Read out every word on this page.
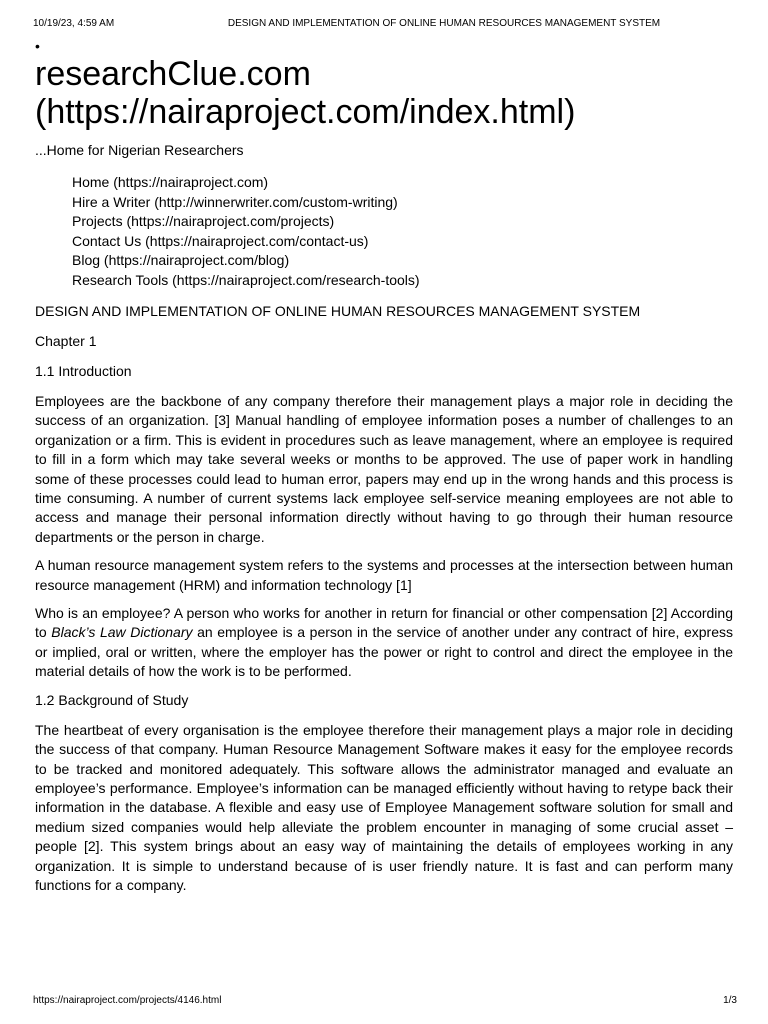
10/19/23, 4:59 AM	DESIGN AND IMPLEMENTATION OF ONLINE HUMAN RESOURCES MANAGEMENT SYSTEM
•
researchClue.com
(https://nairaproject.com/index.html)
...Home for Nigerian Researchers
Home (https://nairaproject.com)
Hire a Writer (http://winnerwriter.com/custom-writing)
Projects (https://nairaproject.com/projects)
Contact Us (https://nairaproject.com/contact-us)
Blog (https://nairaproject.com/blog)
Research Tools (https://nairaproject.com/research-tools)
DESIGN AND IMPLEMENTATION OF ONLINE HUMAN RESOURCES MANAGEMENT SYSTEM
Chapter 1
1.1 Introduction

Employees are the backbone of any company therefore their management plays a major role in deciding the success of an organization. [3] Manual handling of employee information poses a number of challenges to an organization or a firm. This is evident in procedures such as leave management, where an employee is required to fill in a form which may take several weeks or months to be approved. The use of paper work in handling some of these processes could lead to human error, papers may end up in the wrong hands and this process is time consuming. A number of current systems lack employee self-service meaning employees are not able to access and manage their personal information directly without having to go through their human resource departments or the person in charge.

A human resource management system refers to the systems and processes at the intersection between human resource management (HRM) and information technology [1]

Who is an employee? A person who works for another in return for financial or other compensation [2] According to Black’s Law Dictionary an employee is a person in the service of another under any contract of hire, express or implied, oral or written, where the employer has the power or right to control and direct the employee in the material details of how the work is to be performed.

1.2 Background of Study

The heartbeat of every organisation is the employee therefore their management plays a major role in deciding the success of that company. Human Resource Management Software makes it easy for the employee records to be tracked and monitored adequately. This software allows the administrator managed and evaluate an employee’s performance. Employee’s information can be managed efficiently without having to retype back their information in the database. A flexible and easy use of Employee Management software solution for small and medium sized companies would help alleviate the problem encounter in managing of some crucial asset – people [2]. This system brings about an easy way of maintaining the details of employees working in any organization. It is simple to understand because of is user friendly nature. It is fast and can perform many functions for a company.

https://nairaproject.com/projects/4146.html	1/3
